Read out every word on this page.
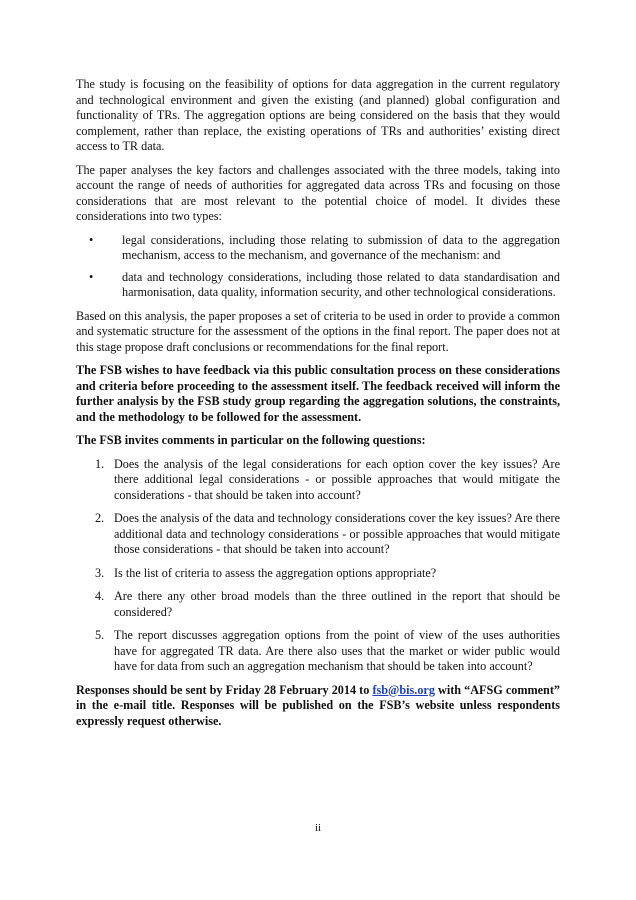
The study is focusing on the feasibility of options for data aggregation in the current regulatory and technological environment and given the existing (and planned) global configuration and functionality of TRs. The aggregation options are being considered on the basis that they would complement, rather than replace, the existing operations of TRs and authorities’ existing direct access to TR data.

The paper analyses the key factors and challenges associated with the three models, taking into account the range of needs of authorities for aggregated data across TRs and focusing on those considerations that are most relevant to the potential choice of model. It divides these considerations into two types:

• legal considerations, including those relating to submission of data to the aggregation mechanism, access to the mechanism, and governance of the mechanism: and
• data and technology considerations, including those related to data standardisation and harmonisation, data quality, information security, and other technological considerations.

Based on this analysis, the paper proposes a set of criteria to be used in order to provide a common and systematic structure for the assessment of the options in the final report. The paper does not at this stage propose draft conclusions or recommendations for the final report.

The FSB wishes to have feedback via this public consultation process on these considerations and criteria before proceeding to the assessment itself. The feedback received will inform the further analysis by the FSB study group regarding the aggregation solutions, the constraints, and the methodology to be followed for the assessment.

The FSB invites comments in particular on the following questions:

1. Does the analysis of the legal considerations for each option cover the key issues? Are there additional legal considerations - or possible approaches that would mitigate the considerations - that should be taken into account?
2. Does the analysis of the data and technology considerations cover the key issues? Are there additional data and technology considerations - or possible approaches that would mitigate those considerations - that should be taken into account?
3. Is the list of criteria to assess the aggregation options appropriate?
4. Are there any other broad models than the three outlined in the report that should be considered?
5. The report discusses aggregation options from the point of view of the uses authorities have for aggregated TR data. Are there also uses that the market or wider public would have for data from such an aggregation mechanism that should be taken into account?

Responses should be sent by Friday 28 February 2014 to fsb@bis.org with “AFSG comment” in the e-mail title. Responses will be published on the FSB’s website unless respondents expressly request otherwise.

ii
